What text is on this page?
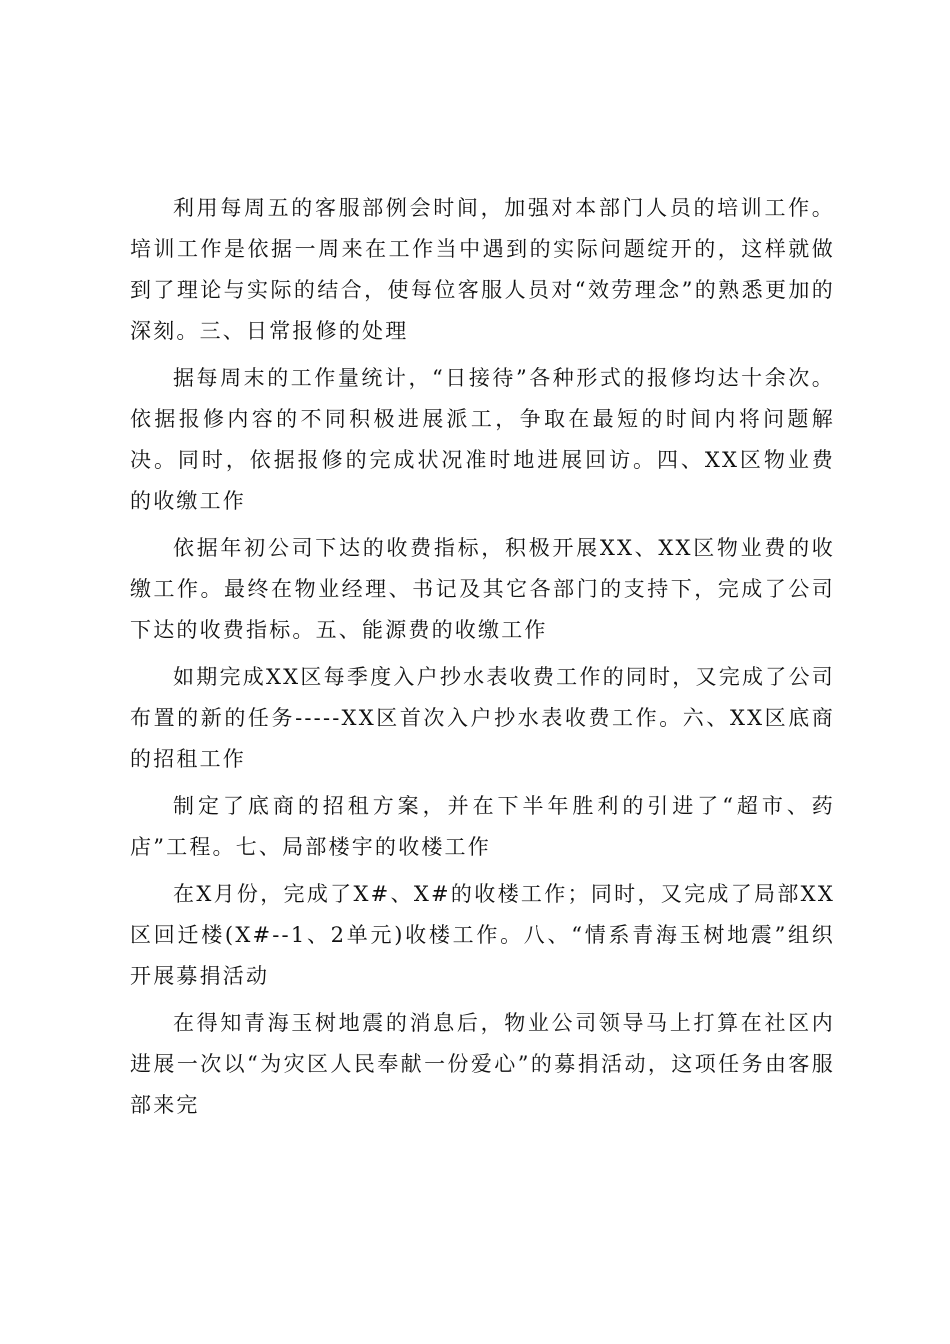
利用每周五的客服部例会时间，加强对本部门人员的培训工作。培训工作是依据一周来在工作当中遇到的实际问题绽开的，这样就做到了理论与实际的结合，使每位客服人员对“效劳理念”的熟悉更加的深刻。三、日常报修的处理

据每周末的工作量统计，“日接待”各种形式的报修均达十余次。依据报修内容的不同积极进展派工，争取在最短的时间内将问题解决。同时，依据报修的完成状况准时地进展回访。四、XX区物业费的收缴工作

依据年初公司下达的收费指标，积极开展XX、XX区物业费的收缴工作。最终在物业经理、书记及其它各部门的支持下，完成了公司下达的收费指标。五、能源费的收缴工作

如期完成XX区每季度入户抄水表收费工作的同时，又完成了公司布置的新的任务-----XX区首次入户抄水表收费工作。六、XX区底商的招租工作

制定了底商的招租方案，并在下半年胜利的引进了“超市、药店”工程。七、局部楼宇的收楼工作

在X月份，完成了X#、X#的收楼工作；同时，又完成了局部XX区回迁楼(X#--1、2单元)收楼工作。八、“情系青海玉树地震”组织开展募捐活动

在得知青海玉树地震的消息后，物业公司领导马上打算在社区内进展一次以“为灾区人民奉献一份爱心”的募捐活动，这项任务由客服部来完
